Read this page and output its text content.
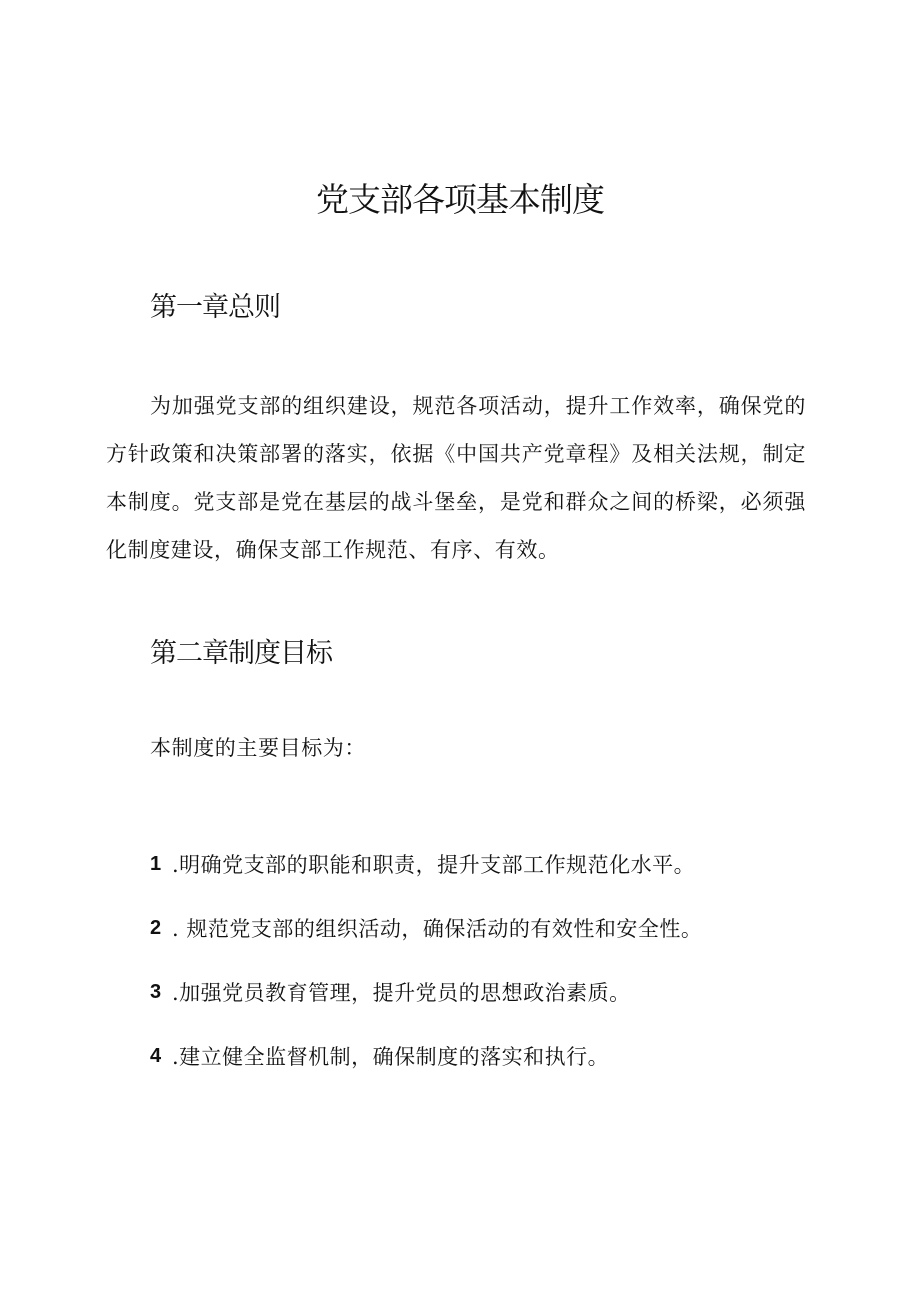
党支部各项基本制度
第一章总则

为加强党支部的组织建设，规范各项活动，提升工作效率，确保党的方针政策和决策部署的落实，依据《中国共产党章程》及相关法规，制定本制度。党支部是党在基层的战斗堡垒，是党和群众之间的桥梁，必须强化制度建设，确保支部工作规范、有序、有效。

第二章制度目标

本制度的主要目标为：

1 .明确党支部的职能和职责，提升支部工作规范化水平。
2 . 规范党支部的组织活动，确保活动的有效性和安全性。
3 .加强党员教育管理，提升党员的思想政治素质。
4 .建立健全监督机制，确保制度的落实和执行。
